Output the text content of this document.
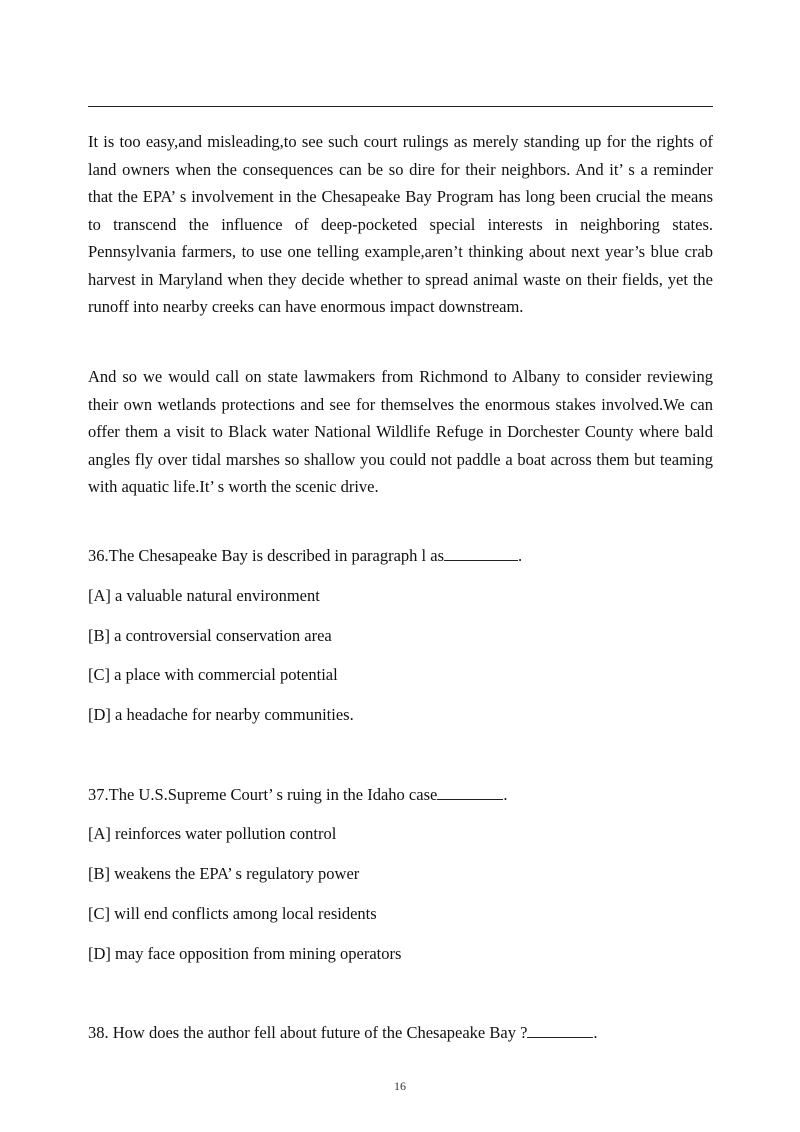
It is too easy,and misleading,to see such court rulings as merely standing up for the rights of land owners when the consequences can be so dire for their neighbors. And it’ s a reminder that the EPA’ s involvement in the Chesapeake Bay Program has long been crucial the means to transcend the influence of deep-pocketed special interests in neighboring states. Pennsylvania farmers, to use one telling example,aren’t thinking about next year’s blue crab harvest in Maryland when they decide whether to spread animal waste on their fields, yet the runoff into nearby creeks can have enormous impact downstream.

And so we would call on state lawmakers from Richmond to Albany to consider reviewing their own wetlands protections and see for themselves the enormous stakes involved.We can offer them a visit to Black water National Wildlife Refuge in Dorchester County where bald angles fly over tidal marshes so shallow you could not paddle a boat across them but teaming with aquatic life.It’ s worth the scenic drive.

36.The Chesapeake Bay is described in paragraph l as	.
[A] a valuable natural environment
[B] a controversial conservation area
[C] a place with commercial potential
[D] a headache for nearby communities.
37.The U.S.Supreme Court’ s ruing in the Idaho case	.
[A] reinforces water pollution control
[B] weakens the EPA’ s regulatory power
[C] will end conflicts among local residents
[D] may face opposition from mining operators
38. How does the author fell about future of the Chesapeake Bay ?	.
16
